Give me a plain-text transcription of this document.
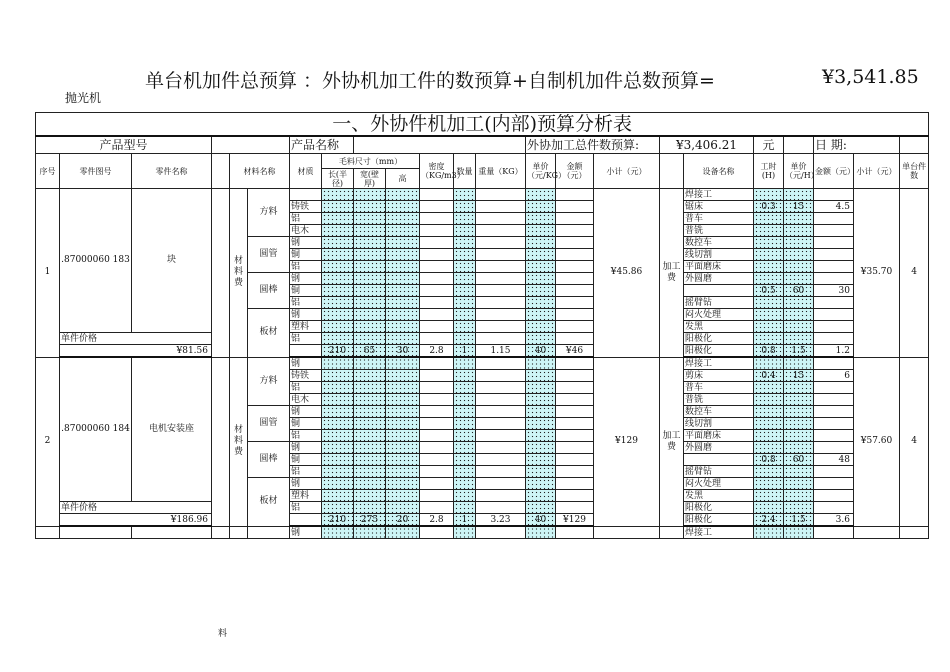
单台机加件总预算 ：外协机加工件的数预算+自制机加件总数预算=	¥3,541.85
抛光机
一、外协件机加工(内部)预算分析表																						
产品型号						产品名称							外协加工总件数预算:			¥3,406.21		元		日 期:		
序号	零件图号	零件名称		材料名称		材质	毛料尺寸（mm）			密度（KG/m3）	数量	重量（KG）	单价（元/KG）	金额（元）	小计（元）		设备名称	工时(H)	单价（元/H）	金额（元）	小计（元）	单台件数
							长(半径)	宽(壁厚)	高													
1	.87000060 183	块		材料费	方料										¥45.86	加工费	焊接工				¥35.70	4
						铸铁											锯床	0.3	15	4.5		
						铝											普车					
						电木											普铣					
					圆管	钢											数控车					
						铜											线切割					
						铝											平面磨床					
					圆棒	钢											外圆磨					
						铜												0.5	60	30		
						铝											摇臂钻					
					板材	钢											闷火处理					
						塑料											发黑					
	单件价格					铝											阳极化					
	¥81.56						210	65	30	2.8	1	1.15	40	¥46			阳极化	0.8	1.5	1.2		
2	.87000060 184	电机安装座		材料费	方料	钢									¥129	加工费	焊接工				¥57.60	4
						铸铁											剪床	0.4	15	6		
						铝											普车					
						电木											普铣					
					圆管	钢											数控车					
						铜											线切割					
						铝											平面磨床					
					圆棒	钢											外圆磨					
						铜												0.8	60	48		
						铝											摇臂钻					
					板材	钢											闷火处理					
						塑料											发黑					
	单件价格					铝											阳极化					
	¥186.96						210	275	20	2.8	1	3.23	40	¥129			阳极化	2.4	1.5	3.6		
						钢											焊接工					
料
